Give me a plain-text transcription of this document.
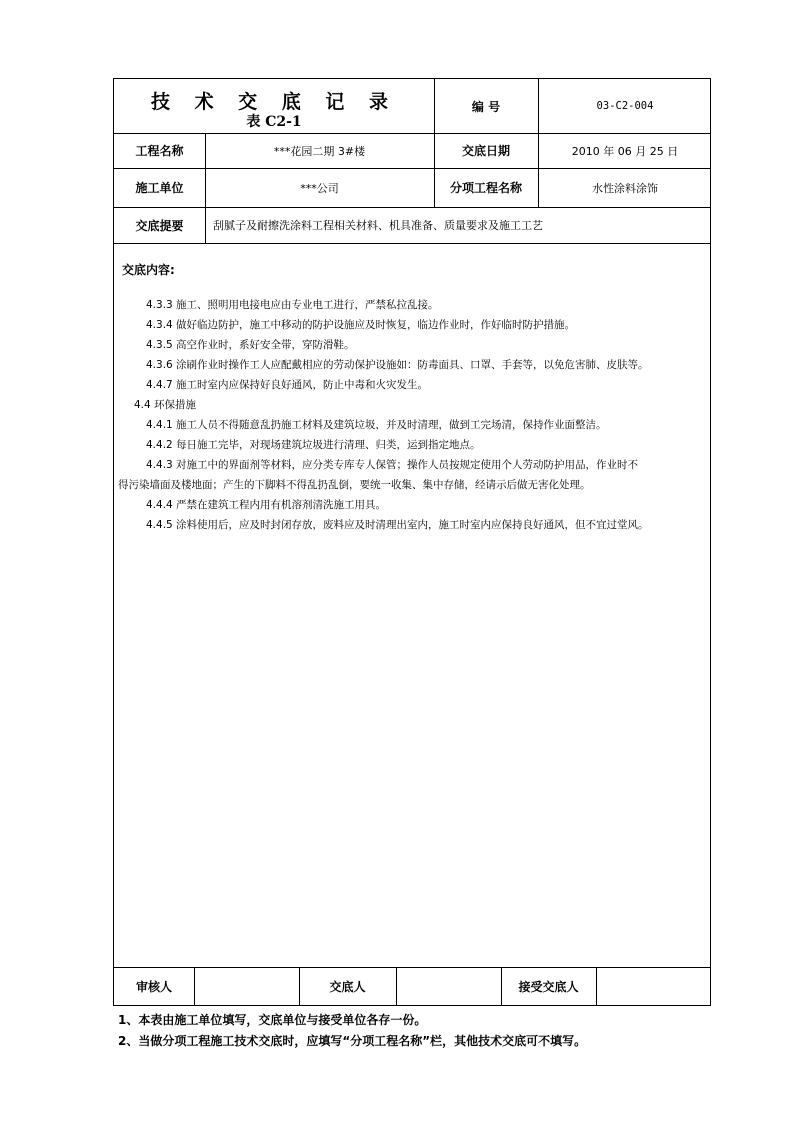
技 术 交 底 记 录
表 C2-1
编 号	03-C2-004
工程名称	***花园二期 3#楼	交底日期	2010 年 06 月 25 日
施工单位	***公司	分项工程名称	水性涂料涂饰
交底提要	刮腻子及耐擦洗涂料工程相关材料、机具准备、质量要求及施工工艺
交底内容:
4.3.3 施工、照明用电接电应由专业电工进行，严禁私拉乱接。
4.3.4 做好临边防护，施工中移动的防护设施应及时恢复，临边作业时，作好临时防护措施。
4.3.5 高空作业时，系好安全带，穿防滑鞋。
4.3.6 涂刷作业时操作工人应配戴相应的劳动保护设施如：防毒面具、口罩、手套等，以免危害肺、皮肤等。
4.4.7 施工时室内应保持好良好通风，防止中毒和火灾发生。
4.4 环保措施
4.4.1 施工人员不得随意乱扔施工材料及建筑垃圾，并及时清理，做到工完场清，保持作业面整洁。
4.4.2 每日施工完毕，对现场建筑垃圾进行清理、归类，运到指定地点。
4.4.3 对施工中的界面剂等材料，应分类专库专人保管；操作人员按规定使用个人劳动防护用品，作业时不
得污染墙面及楼地面；产生的下脚料不得乱扔乱倒，要统一收集、集中存储，经请示后做无害化处理。
4.4.4 严禁在建筑工程内用有机溶剂清洗施工用具。
4.4.5 涂料使用后，应及时封闭存放，废料应及时清理出室内，施工时室内应保持良好通风，但不宜过堂风。
审核人	交底人	接受交底人
1、本表由施工单位填写，交底单位与接受单位各存一份。
2、当做分项工程施工技术交底时，应填写“分项工程名称”栏，其他技术交底可不填写。
